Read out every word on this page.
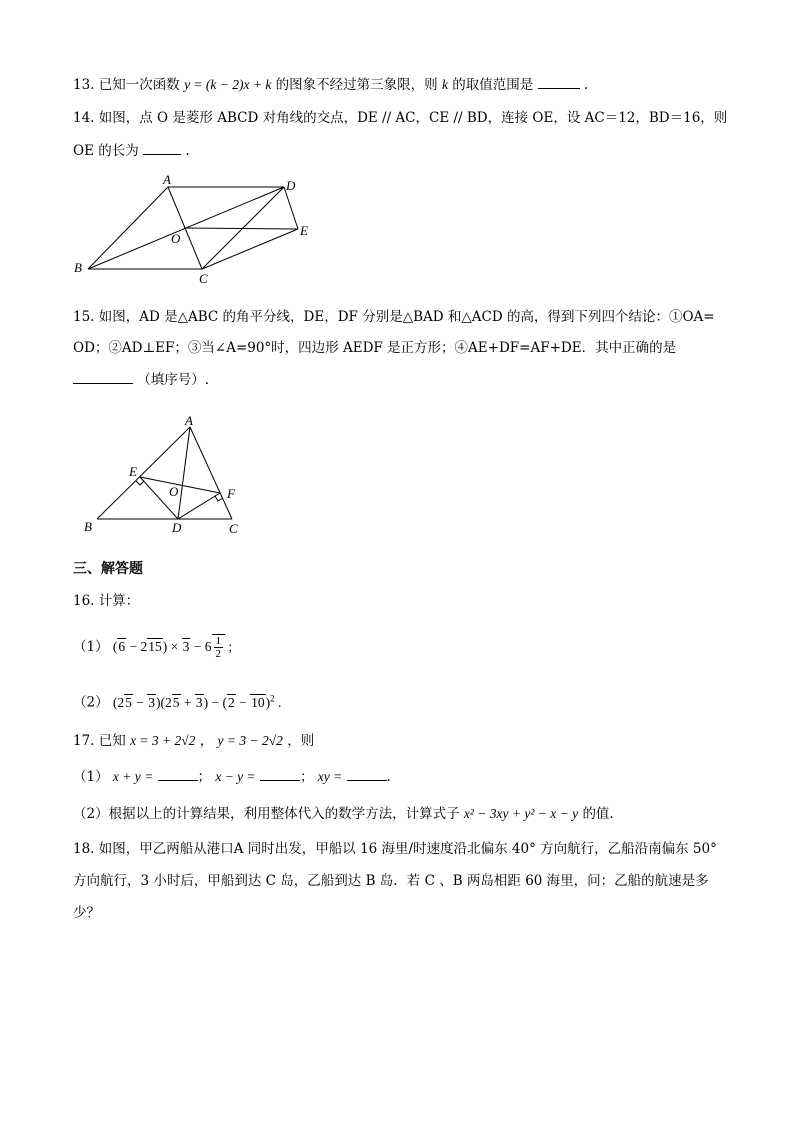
13. 已知一次函数 y = (k − 2)x + k 的图象不经过第三象限，则 k 的取值范围是	.
14. 如图，点 O 是菱形 ABCD 对角线的交点，DE // AC，CE // BD，连接 OE，设 AC＝12，BD＝16，则
OE 的长为	.
A
B
C
D
E
O
15. 如图，AD 是△ABC 的角平分线，DE，DF 分别是△BAD 和△ACD 的高，得到下列四个结论：①OA=
OD；②AD⊥EF；③当∠A=90°时，四边形 AEDF 是正方形；④AE+DF=AF+DE．其中正确的是
（填序号）.
A
B	C
D
E
F
O
三、解答题
16. 计算：
（1） $(6 - 215) \times 3 - 6 \frac{1}{2}$ ;
（2） $(25 - 3)(25 + 3) - (2 - 10)^2$ .
17. 已知 x = 3 + 2√2 ， y = 3 − 2√2 ，则
（1） x + y =	； x − y =	； xy =	.
（2）根据以上的计算结果，利用整体代入的数学方法，计算式子 x² − 3xy + y² − x − y 的值.
18. 如图，甲乙两船从港口A 同时出发，甲船以 16 海里/时速度沿北偏东 40° 方向航行，乙船沿南偏东 50°
方向航行，3 小时后，甲船到达 C 岛，乙船到达 B 岛．若 C 、B 两岛相距 60 海里，问：乙船的航速是多
少？
